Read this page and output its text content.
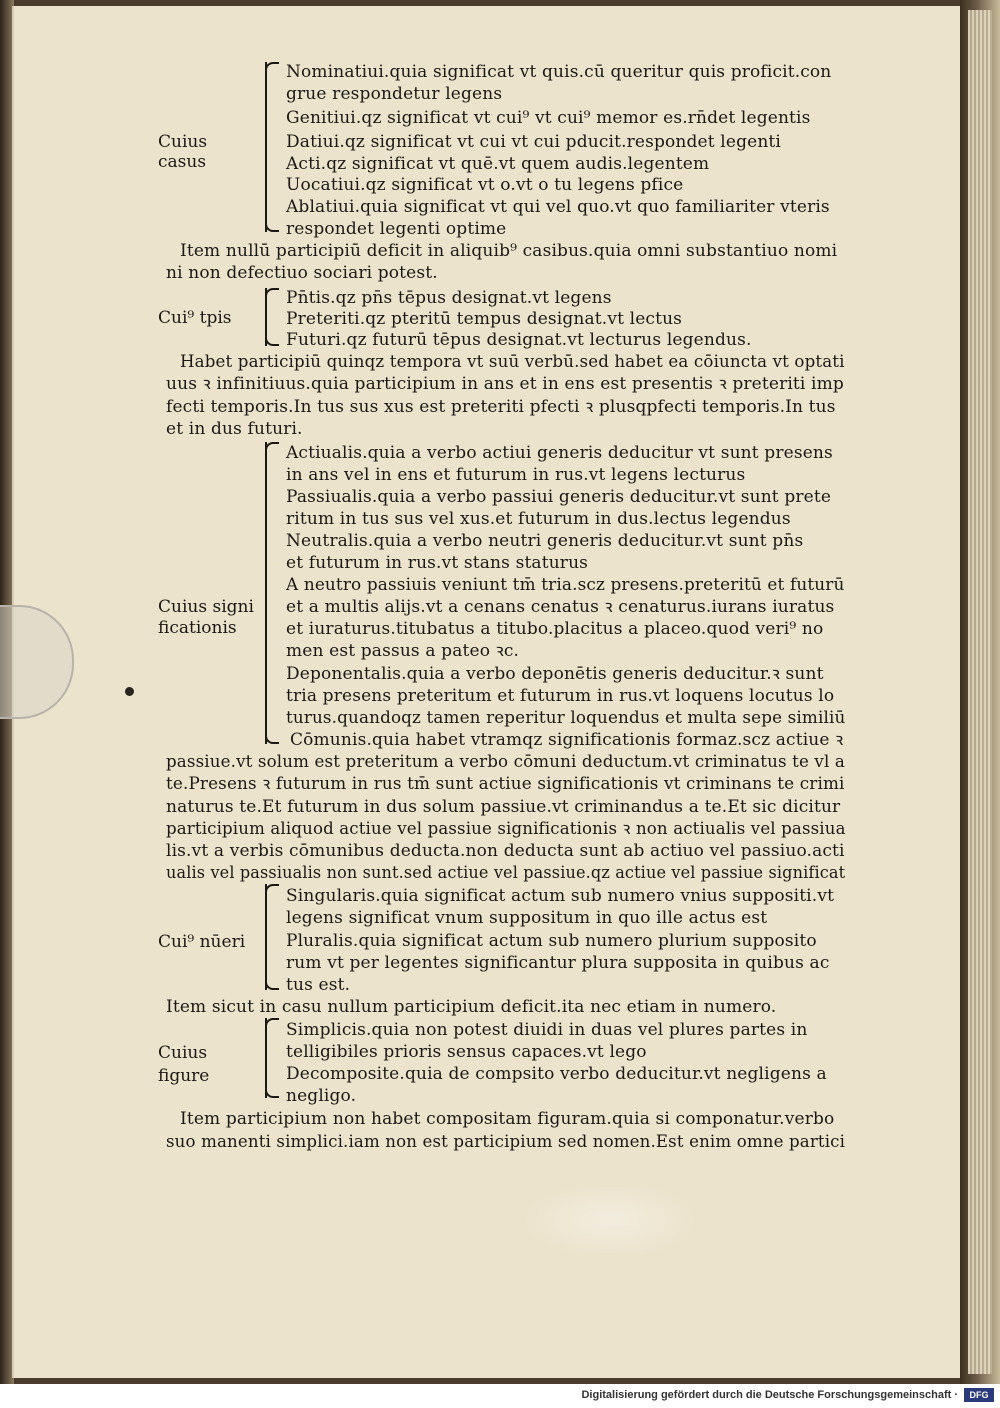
Cuius
casus
Cui⁹ tpis
Cuius signi
ficationis
Cui⁹ nūeri
Cuius
figure
Nominatiui.quia significat vt quis.cū queritur quis proficit.con
grue respondetur legens
Genitiui.qz significat vt cui⁹ vt cui⁹ memor es.rn̄det legentis
Datiui.qz significat vt cui vt cui pducit.respondet legenti
Acti.qz significat vt quē.vt quem audis.legentem
Uocatiui.qz significat vt o.vt o tu legens pfice
Ablatiui.quia significat vt qui vel quo.vt quo familiariter vteris
respondet legenti optime
Item nullū participiū deficit in aliquib⁹ casibus.quia omni substantiuo nomi
ni non defectiuo sociari potest.
Pn̄tis.qz pn̄s tēpus designat.vt legens
Preteriti.qz pteritū tempus designat.vt lectus
Futuri.qz futurū tēpus designat.vt lecturus legendus.
Habet participiū quinqz tempora vt suū verbū.sed habet ea cōiuncta vt optati
uus ꝛ infinitiuus.quia participium in ans et in ens est presentis ꝛ preteriti imp
fecti temporis.In tus sus xus est preteriti pfecti ꝛ plusqpfecti temporis.In tus
et in dus futuri.
Actiualis.quia a verbo actiui generis deducitur vt sunt presens
in ans vel in ens et futurum in rus.vt legens lecturus
Passiualis.quia a verbo passiui generis deducitur.vt sunt prete
ritum in tus sus vel xus.et futurum in dus.lectus legendus
Neutralis.quia a verbo neutri generis deducitur.vt sunt pn̄s
et futurum in rus.vt stans staturus
A neutro passiuis veniunt tm̄ tria.scz presens.preteritū et futurū
et a multis alijs.vt a cenans cenatus ꝛ cenaturus.iurans iuratus
et iuraturus.titubatus a titubo.placitus a placeo.quod veri⁹ no
men est passus a pateo ꝛc.
Deponentalis.quia a verbo deponētis generis deducitur.ꝛ sunt
tria presens preteritum et futurum in rus.vt loquens locutus lo
turus.quandoqz tamen reperitur loquendus et multa sepe similiū
Cōmunis.quia habet vtramqz significationis formaz.scz actiue ꝛ
passiue.vt solum est preteritum a verbo cōmuni deductum.vt criminatus te vl a
te.Presens ꝛ futurum in rus tm̄ sunt actiue significationis vt criminans te crimi
naturus te.Et futurum in dus solum passiue.vt criminandus a te.Et sic dicitur
participium aliquod actiue vel passiue significationis ꝛ non actiualis vel passiua
lis.vt a verbis cōmunibus deducta.non deducta sunt ab actiuo vel passiuo.acti
ualis vel passiualis non sunt.sed actiue vel passiue.qz actiue vel passiue significat
Singularis.quia significat actum sub numero vnius suppositi.vt
legens significat vnum suppositum in quo ille actus est
Pluralis.quia significat actum sub numero plurium supposito
rum vt per legentes significantur plura supposita in quibus ac
tus est.
Item sicut in casu nullum participium deficit.ita nec etiam in numero.
Simplicis.quia non potest diuidi in duas vel plures partes in
telligibiles prioris sensus capaces.vt lego
Decomposite.quia de compsito verbo deducitur.vt negligens a
negligo.
Item participium non habet compositam figuram.quia si componatur.verbo
suo manenti simplici.iam non est participium sed nomen.Est enim omne partici
Digitalisierung gefördert durch die Deutsche Forschungsgemeinschaft ·	DFG
